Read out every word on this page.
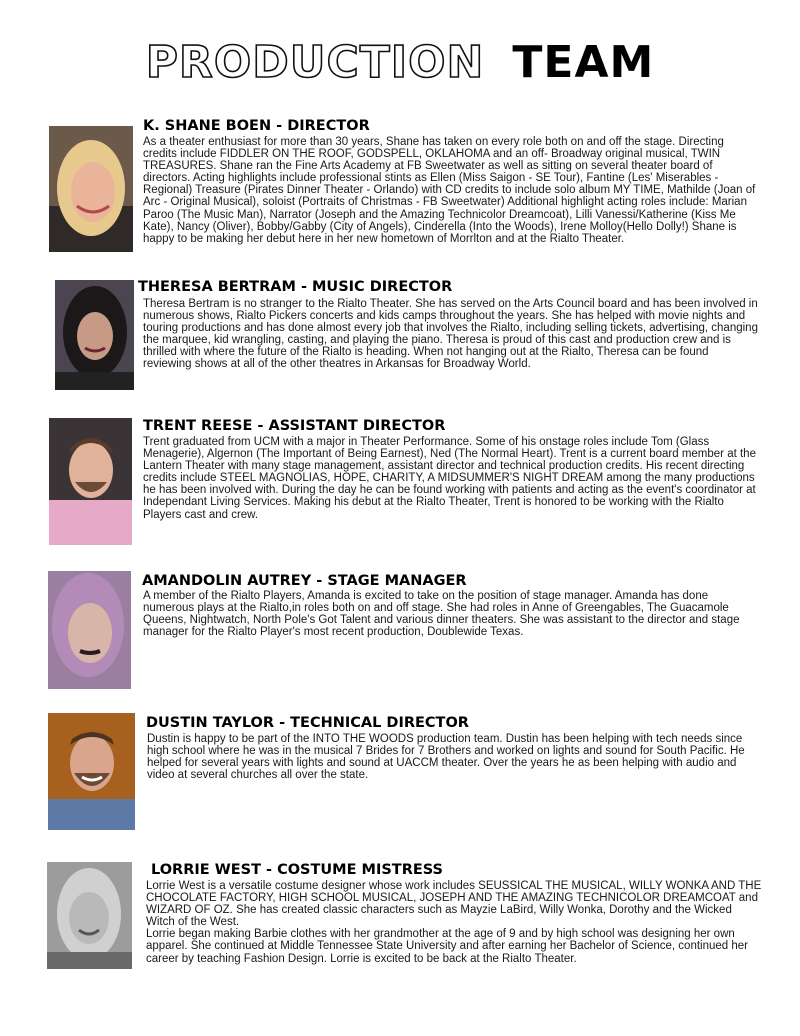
PRODUCTION TEAM
K. SHANE BOEN - DIRECTOR

As a theater enthusiast for more than 30 years, Shane has taken on every role both on and off the stage. Directing credits include FIDDLER ON THE ROOF, GODSPELL, OKLAHOMA and an off- Broadway original musical, TWIN TREASURES. Shane ran the Fine Arts Academy at FB Sweetwater as well as sitting on several theater board of directors. Acting highlights include professional stints as Ellen (Miss Saigon - SE Tour), Fantine (Les' Miserables - Regional) Treasure (Pirates Dinner Theater - Orlando) with CD credits to include solo album MY TIME, Mathilde (Joan of Arc - Original Musical), soloist (Portraits of Christmas - FB Sweetwater) Additional highlight acting roles include: Marian Paroo (The Music Man), Narrator (Joseph and the Amazing Technicolor Dreamcoat), Lilli Vanessi/Katherine (Kiss Me Kate), Nancy (Oliver), Bobby/Gabby (City of Angels), Cinderella (Into the Woods), Irene Molloy(Hello Dolly!) Shane is happy to be making her debut here in her new hometown of Morrlton and at the Rialto Theater.

THERESA BERTRAM - MUSIC DIRECTOR

Theresa Bertram is no stranger to the Rialto Theater. She has served on the Arts Council board and has been involved in numerous shows, Rialto Pickers concerts and kids camps throughout the years. She has helped with movie nights and touring productions and has done almost every job that involves the Rialto, including selling tickets, advertising, changing the marquee, kid wrangling, casting, and playing the piano. Theresa is proud of this cast and production crew and is thrilled with where the future of the Rialto is heading. When not hanging out at the Rialto, Theresa can be found reviewing shows at all of the other theatres in Arkansas for Broadway World.

TRENT REESE - ASSISTANT DIRECTOR

Trent graduated from UCM with a major in Theater Performance. Some of his onstage roles include Tom (Glass Menagerie), Algernon (The Important of Being Earnest), Ned (The Normal Heart). Trent is a current board member at the Lantern Theater with many stage management, assistant director and technical production credits. His recent directing credits include STEEL MAGNOLIAS, HOPE, CHARITY, A MIDSUMMER'S NIGHT DREAM among the many productions he has been involved with. During the day he can be found working with patients and acting as the event's coordinator at Independant Living Services. Making his debut at the Rialto Theater, Trent is honored to be working with the Rialto Players cast and crew.

AMANDOLIN AUTREY - STAGE MANAGER

A member of the Rialto Players, Amanda is excited to take on the position of stage manager. Amanda has done numerous plays at the Rialto,in roles both on and off stage. She had roles in Anne of Greengables, The Guacamole Queens, Nightwatch, North Pole's Got Talent and various dinner theaters. She was assistant to the director and stage manager for the Rialto Player's most recent production, Doublewide Texas.

DUSTIN TAYLOR - TECHNICAL DIRECTOR

Dustin is happy to be part of the INTO THE WOODS production team. Dustin has been helping with tech needs since high school where he was in the musical 7 Brides for 7 Brothers and worked on lights and sound for South Pacific. He helped for several years with lights and sound at UACCM theater. Over the years he as been helping with audio and video at several churches all over the state.

LORRIE WEST - COSTUME MISTRESS

Lorrie West is a versatile costume designer whose work includes SEUSSICAL THE MUSICAL, WILLY WONKA AND THE CHOCOLATE FACTORY, HIGH SCHOOL MUSICAL, JOSEPH AND THE AMAZING TECHNICOLOR DREAMCOAT and WIZARD OF OZ. She has created classic characters such as Mayzie LaBird, Willy Wonka, Dorothy and the Wicked Witch of the West.

Lorrie began making Barbie clothes with her grandmother at the age of 9 and by high school was designing her own apparel. She continued at Middle Tennessee State University and after earning her Bachelor of Science, continued her career by teaching Fashion Design. Lorrie is excited to be back at the Rialto Theater.
